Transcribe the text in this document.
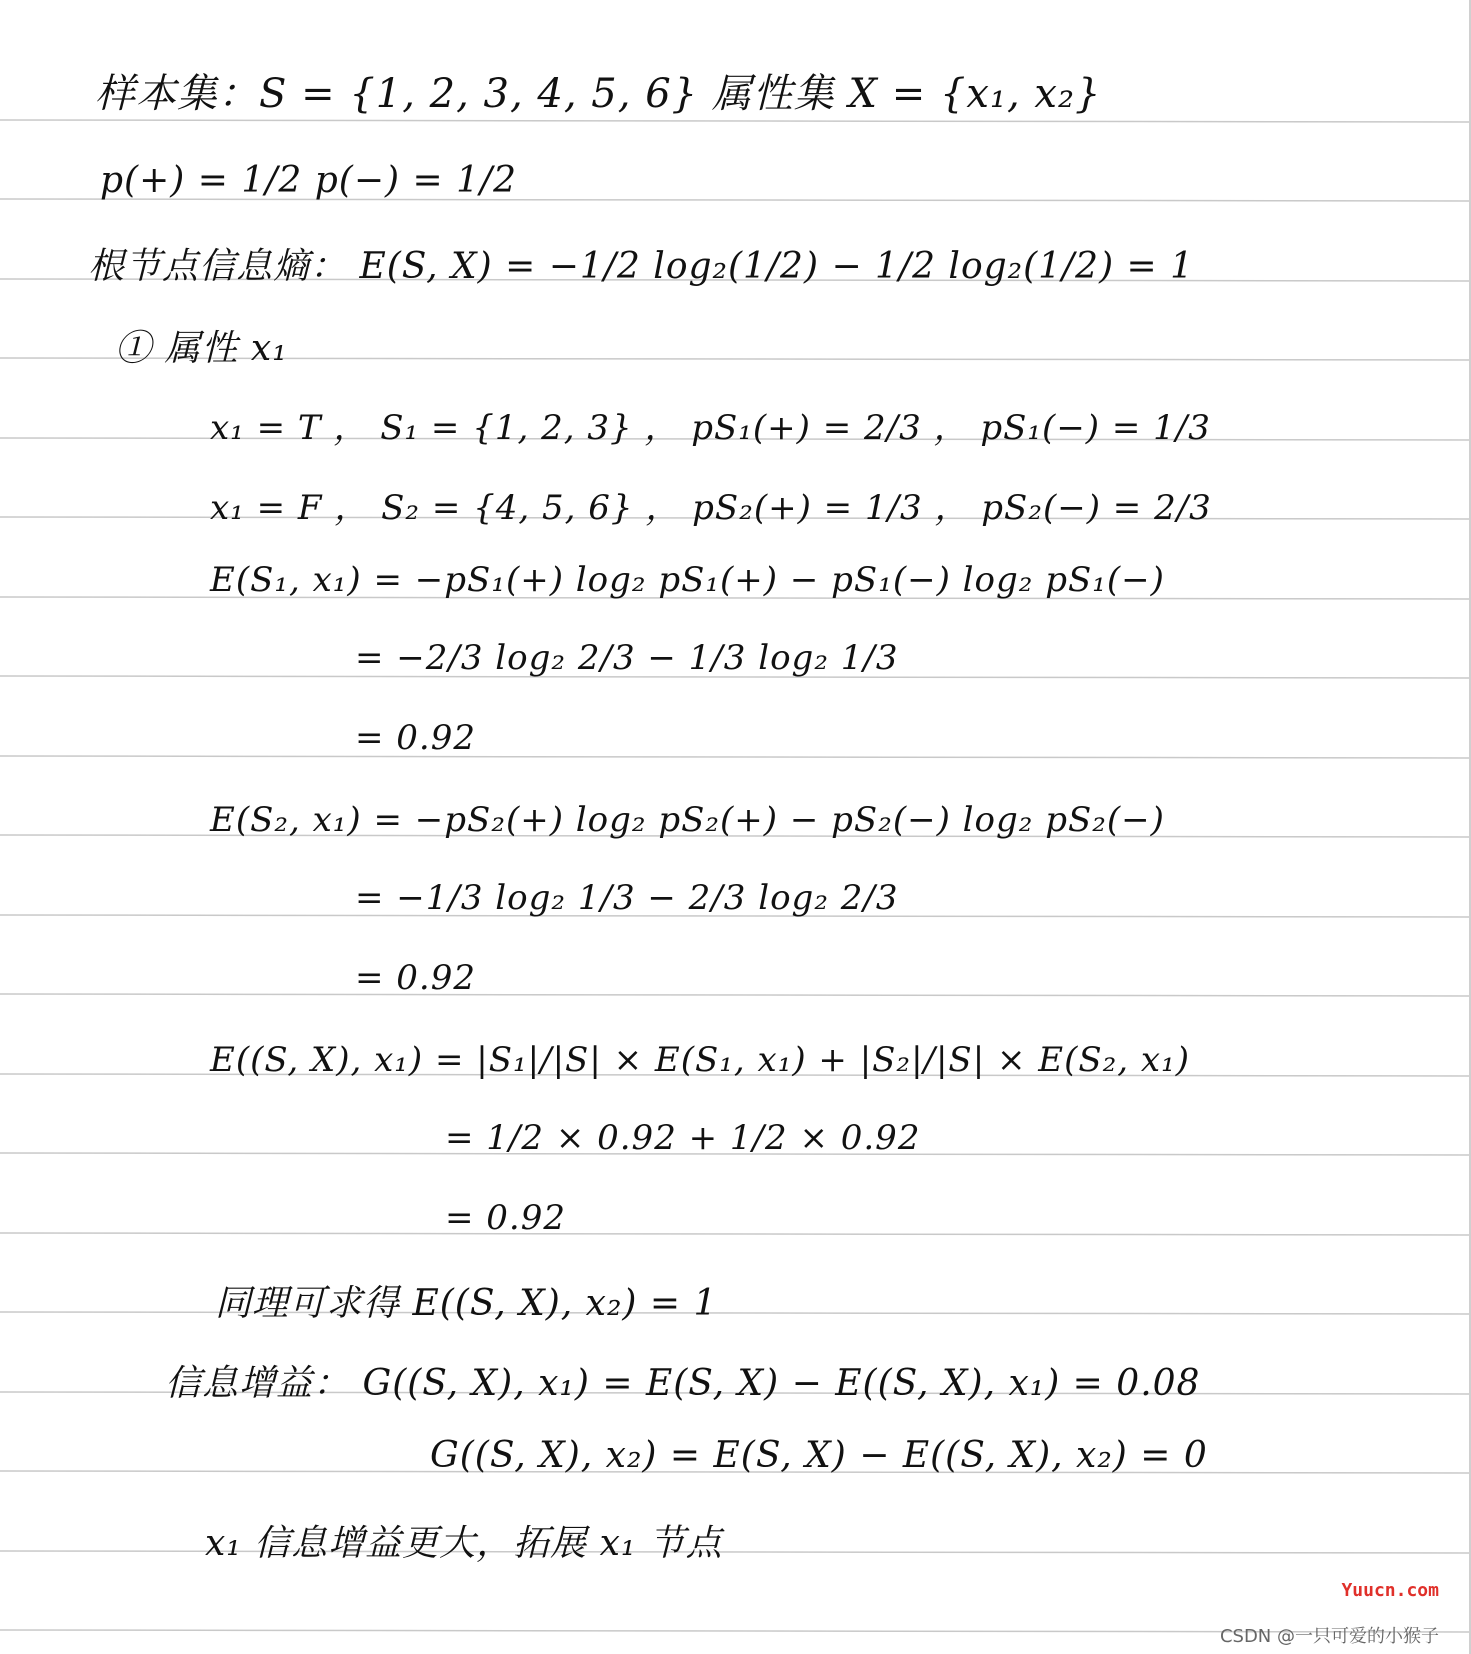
样本集：S = {1, 2, 3, 4, 5, 6} 属性集 X = {x₁, x₂}
p(+) = 1/2 p(−) = 1/2
根节点信息熵： E(S, X) = −1/2 log₂(1/2) − 1/2 log₂(1/2) = 1
① 属性 x₁
x₁ = T ， S₁ = {1, 2, 3} ， pS₁(+) = 2/3 ， pS₁(−) = 1/3
x₁ = F ， S₂ = {4, 5, 6} ， pS₂(+) = 1/3 ， pS₂(−) = 2/3
E(S₁, x₁) = −pS₁(+) log₂ pS₁(+) − pS₁(−) log₂ pS₁(−)
= −2/3 log₂ 2/3 − 1/3 log₂ 1/3
= 0.92
E(S₂, x₁) = −pS₂(+) log₂ pS₂(+) − pS₂(−) log₂ pS₂(−)
= −1/3 log₂ 1/3 − 2/3 log₂ 2/3
= 0.92
E((S, X), x₁) = |S₁|/|S| × E(S₁, x₁) + |S₂|/|S| × E(S₂, x₁)
= 1/2 × 0.92 + 1/2 × 0.92
= 0.92
同理可求得 E((S, X), x₂) = 1
信息增益： G((S, X), x₁) = E(S, X) − E((S, X), x₁) = 0.08
G((S, X), x₂) = E(S, X) − E((S, X), x₂) = 0
x₁ 信息增益更大，拓展 x₁ 节点
Yuucn.com
CSDN @一只可爱的小猴子
